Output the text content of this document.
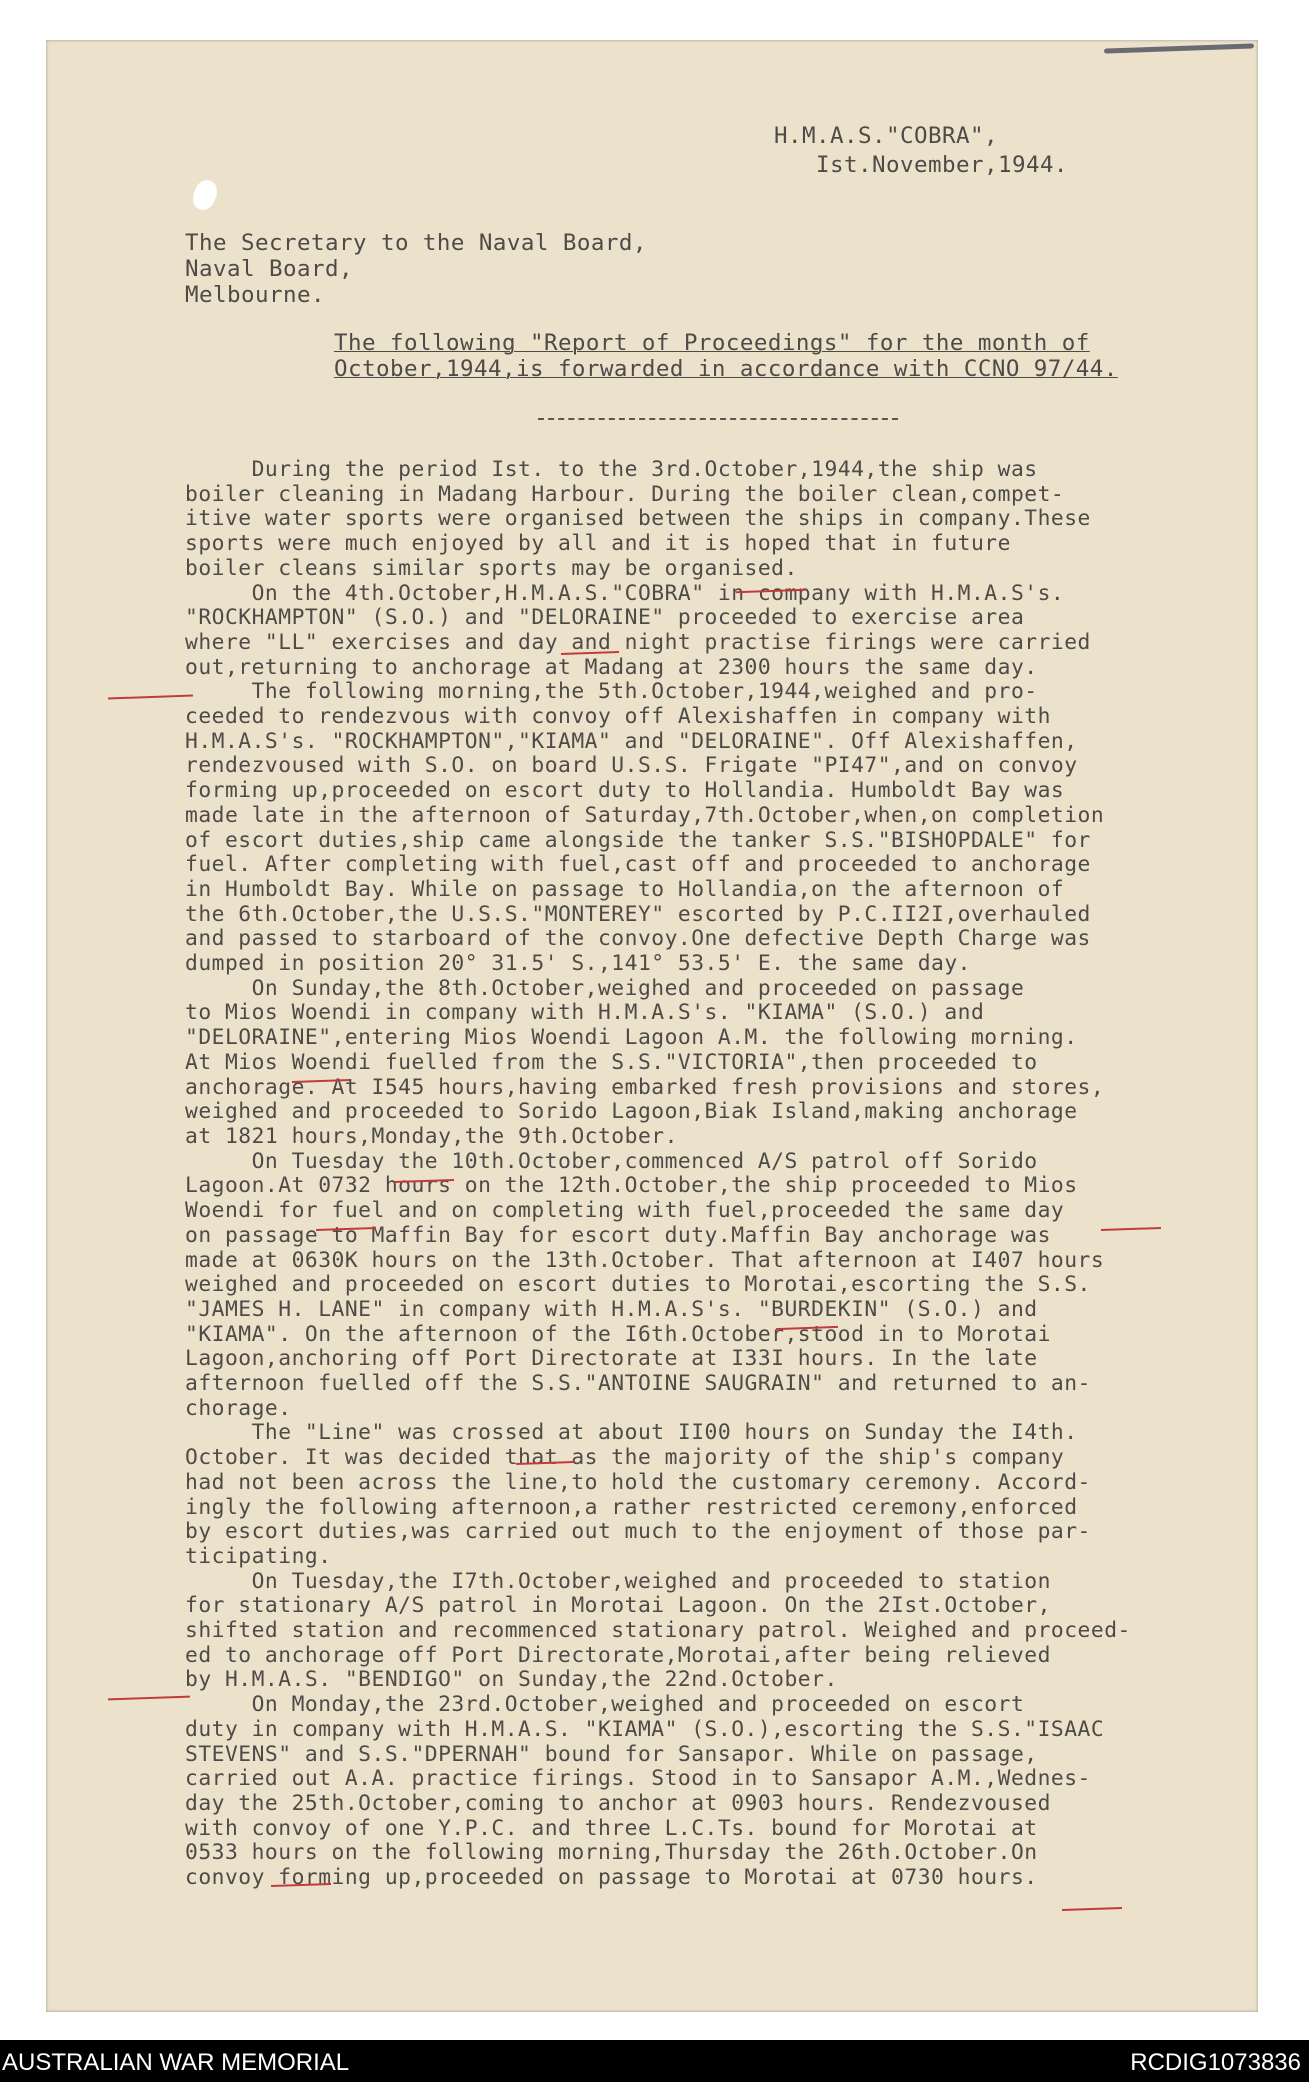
H.M.A.S."COBRA",
Ist.November,1944.
The Secretary to the Naval Board,
Naval Board,
Melbourne.
The following "Report of Proceedings" for the month of
October,1944,is forwarded in accordance with CCNO 97/44.
During the period Ist. to the 3rd.October,1944,the ship was
boiler cleaning in Madang Harbour. During the boiler clean,compet-
itive water sports were organised between the ships in company.These
sports were much enjoyed by all and it is hoped that in future
boiler cleans similar sports may be organised.
On the 4th.October,H.M.A.S."COBRA" in company with H.M.A.S's.
"ROCKHAMPTON" (S.O.) and "DELORAINE" proceeded to exercise area
where "LL" exercises and day and night practise firings were carried
out,returning to anchorage at Madang at 2300 hours the same day.
The following morning,the 5th.October,1944,weighed and pro-
ceeded to rendezvous with convoy off Alexishaffen in company with
H.M.A.S's. "ROCKHAMPTON","KIAMA" and "DELORAINE". Off Alexishaffen,
rendezvoused with S.O. on board U.S.S. Frigate "PI47",and on convoy
forming up,proceeded on escort duty to Hollandia. Humboldt Bay was
made late in the afternoon of Saturday,7th.October,when,on completion
of escort duties,ship came alongside the tanker S.S."BISHOPDALE" for
fuel. After completing with fuel,cast off and proceeded to anchorage
in Humboldt Bay. While on passage to Hollandia,on the afternoon of
the 6th.October,the U.S.S."MONTEREY" escorted by P.C.II2I,overhauled
and passed to starboard of the convoy.One defective Depth Charge was
dumped in position 20° 31.5' S.,141° 53.5' E. the same day.
On Sunday,the 8th.October,weighed and proceeded on passage
to Mios Woendi in company with H.M.A.S's. "KIAMA" (S.O.) and
"DELORAINE",entering Mios Woendi Lagoon A.M. the following morning.
At Mios Woendi fuelled from the S.S."VICTORIA",then proceeded to
anchorage. At I545 hours,having embarked fresh provisions and stores,
weighed and proceeded to Sorido Lagoon,Biak Island,making anchorage
at 1821 hours,Monday,the 9th.October.
On Tuesday the 10th.October,commenced A/S patrol off Sorido
Lagoon.At 0732 hours on the 12th.October,the ship proceeded to Mios
Woendi for fuel and on completing with fuel,proceeded the same day
on passage to Maffin Bay for escort duty.Maffin Bay anchorage was
made at 0630K hours on the 13th.October. That afternoon at I407 hours
weighed and proceeded on escort duties to Morotai,escorting the S.S.
"JAMES H. LANE" in company with H.M.A.S's. "BURDEKIN" (S.O.) and
"KIAMA". On the afternoon of the I6th.October,stood in to Morotai
Lagoon,anchoring off Port Directorate at I33I hours. In the late
afternoon fuelled off the S.S."ANTOINE SAUGRAIN" and returned to an-
chorage.
The "Line" was crossed at about II00 hours on Sunday the I4th.
October. It was decided that as the majority of the ship's company
had not been across the line,to hold the customary ceremony. Accord-
ingly the following afternoon,a rather restricted ceremony,enforced
by escort duties,was carried out much to the enjoyment of those par-
ticipating.
On Tuesday,the I7th.October,weighed and proceeded to station
for stationary A/S patrol in Morotai Lagoon. On the 2Ist.October,
shifted station and recommenced stationary patrol. Weighed and proceed-
ed to anchorage off Port Directorate,Morotai,after being relieved
by H.M.A.S. "BENDIGO" on Sunday,the 22nd.October.
On Monday,the 23rd.October,weighed and proceeded on escort
duty in company with H.M.A.S. "KIAMA" (S.O.),escorting the S.S."ISAAC
STEVENS" and S.S."DPERNAH" bound for Sansapor. While on passage,
carried out A.A. practice firings. Stood in to Sansapor A.M.,Wednes-
day the 25th.October,coming to anchor at 0903 hours. Rendezvoused
with convoy of one Y.P.C. and three L.C.Ts. bound for Morotai at
0533 hours on the following morning,Thursday the 26th.October.On
convoy forming up,proceeded on passage to Morotai at 0730 hours.
AUSTRALIAN WAR MEMORIAL	RCDIG1073836
